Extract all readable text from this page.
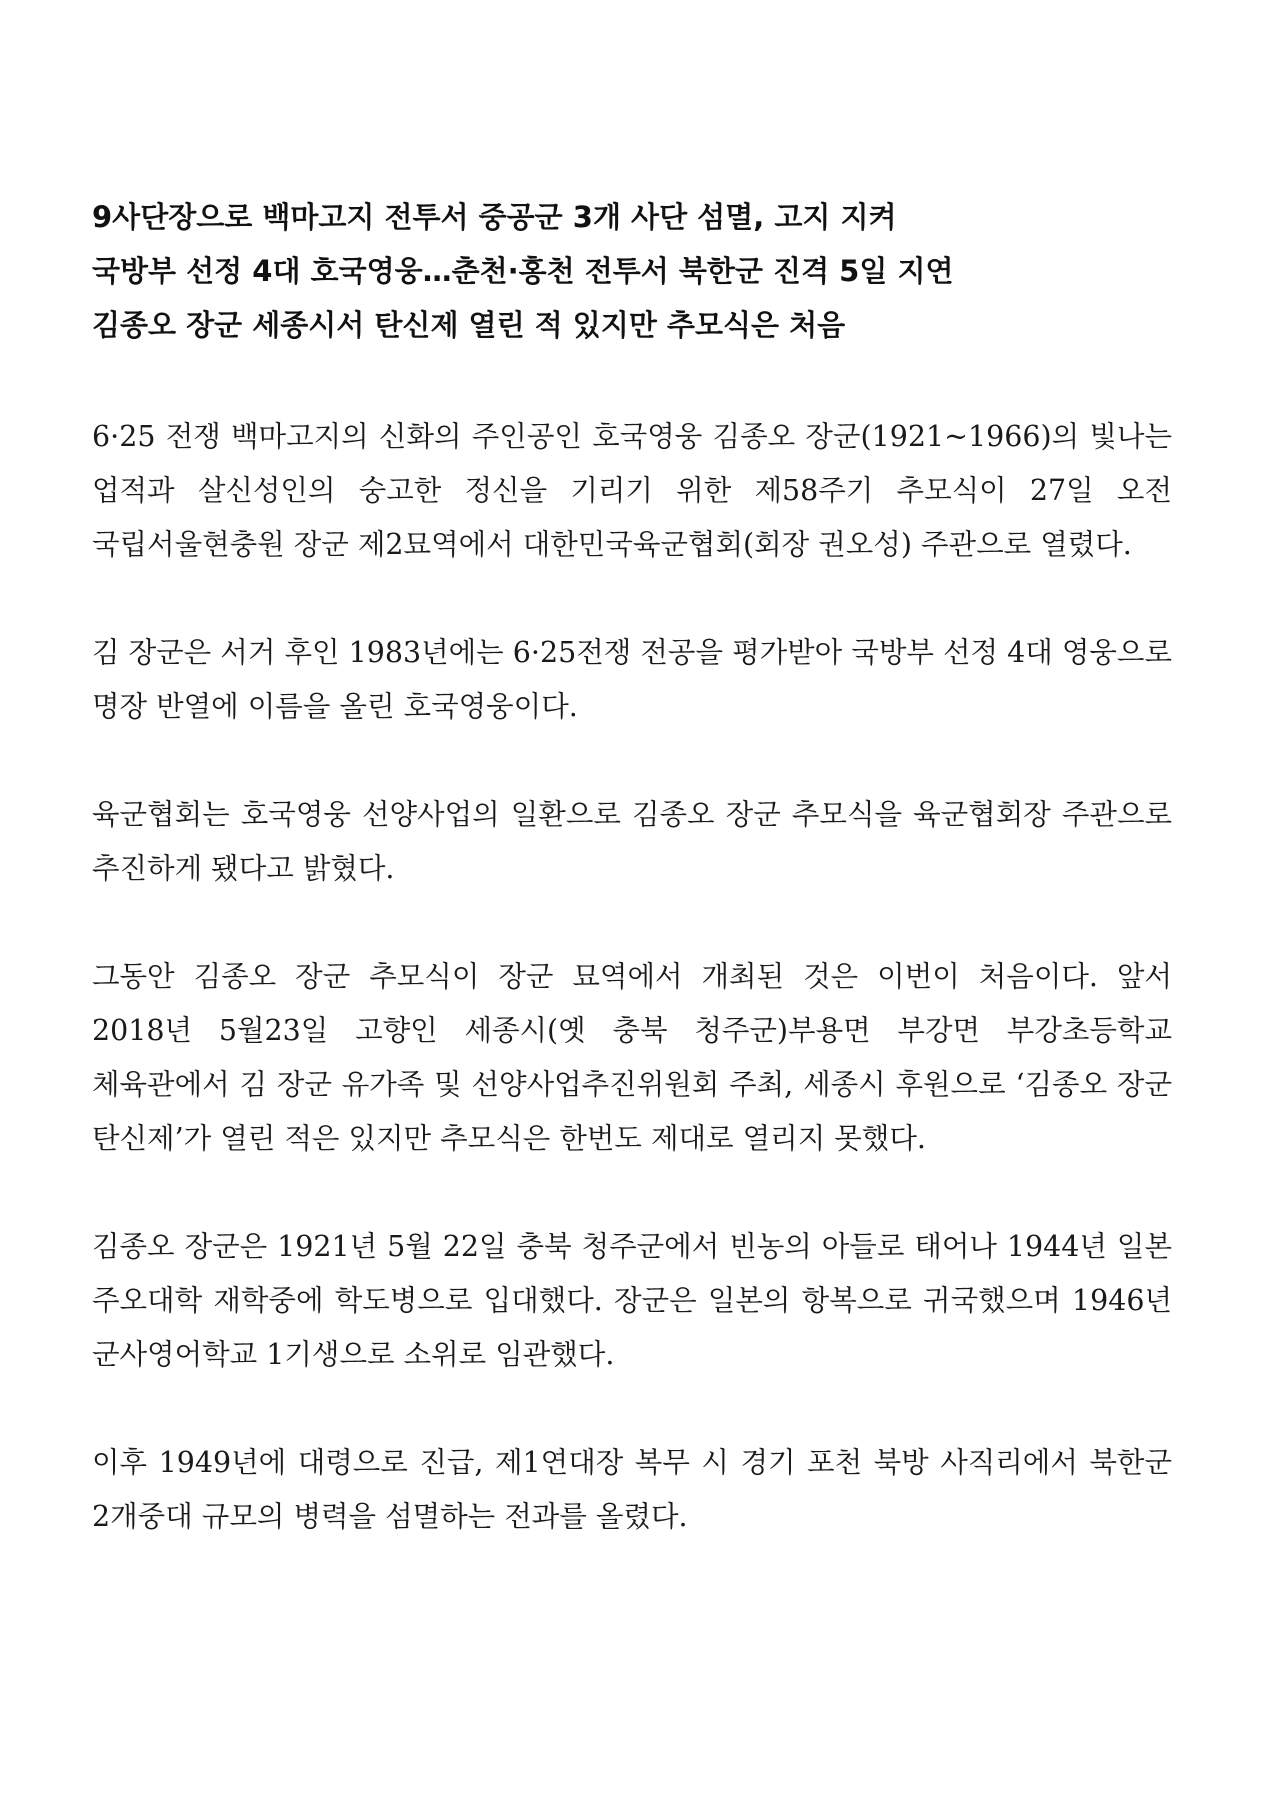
9사단장으로 백마고지 전투서 중공군 3개 사단 섬멸, 고지 지켜
국방부 선정 4대 호국영웅…춘천·홍천 전투서 북한군 진격 5일 지연
김종오 장군 세종시서 탄신제 열린 적 있지만 추모식은 처음

6·25 전쟁 백마고지의 신화의 주인공인 호국영웅 김종오 장군(1921~1966)의 빛나는 업적과 살신성인의 숭고한 정신을 기리기 위한 제58주기 추모식이 27일 오전 국립서울현충원 장군 제2묘역에서 대한민국육군협회(회장 권오성) 주관으로 열렸다.

김 장군은 서거 후인 1983년에는 6·25전쟁 전공을 평가받아 국방부 선정 4대 영웅으로 명장 반열에 이름을 올린 호국영웅이다.

육군협회는 호국영웅 선양사업의 일환으로 김종오 장군 추모식을 육군협회장 주관으로 추진하게 됐다고 밝혔다.

그동안 김종오 장군 추모식이 장군 묘역에서 개최된 것은 이번이 처음이다. 앞서 2018년 5월23일 고향인 세종시(옛 충북 청주군)부용면 부강면 부강초등학교 체육관에서 김 장군 유가족 및 선양사업추진위원회 주최, 세종시 후원으로 ‘김종오 장군 탄신제’가 열린 적은 있지만 추모식은 한번도 제대로 열리지 못했다.

김종오 장군은 1921년 5월 22일 충북 청주군에서 빈농의 아들로 태어나 1944년 일본 주오대학 재학중에 학도병으로 입대했다. 장군은 일본의 항복으로 귀국했으며 1946년 군사영어학교 1기생으로 소위로 임관했다.

이후 1949년에 대령으로 진급, 제1연대장 복무 시 경기 포천 북방 사직리에서 북한군 2개중대 규모의 병력을 섬멸하는 전과를 올렸다.
